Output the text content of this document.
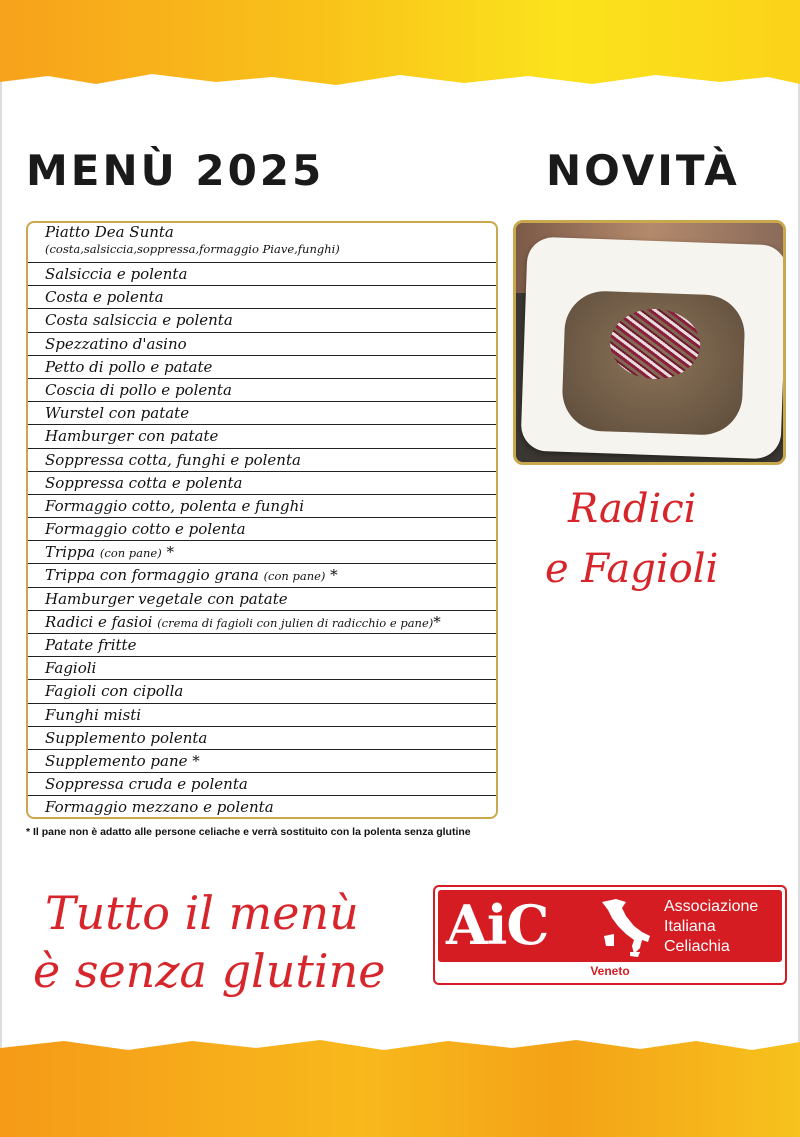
MENÙ 2025	NOVITÀ
Piatto Dea Sunta
(costa,salsiccia,soppressa,formaggio Piave,funghi)
Salsiccia e polenta
Costa e polenta
Costa salsiccia e polenta
Spezzatino d'asino
Petto di pollo e patate
Coscia di pollo e polenta
Wurstel con patate
Hamburger con patate
Soppressa cotta, funghi e polenta
Soppressa cotta e polenta
Formaggio cotto, polenta e funghi
Formaggio cotto e polenta
Trippa (con pane) *
Trippa con formaggio grana (con pane) *
Hamburger vegetale con patate
Radici e fasioi (crema di fagioli con julien di radicchio e pane)*
Patate fritte
Fagioli
Fagioli con cipolla
Funghi misti
Supplemento polenta
Supplemento pane *
Soppressa cruda e polenta
Formaggio mezzano e polenta

* Il pane non è adatto alle persone celiache e verrà sostituito con la polenta senza glutine

Radici

e Fagioli

Tutto il menù

è senza glutine

AiC	Associazione
Italiana
Celiachia
Veneto
